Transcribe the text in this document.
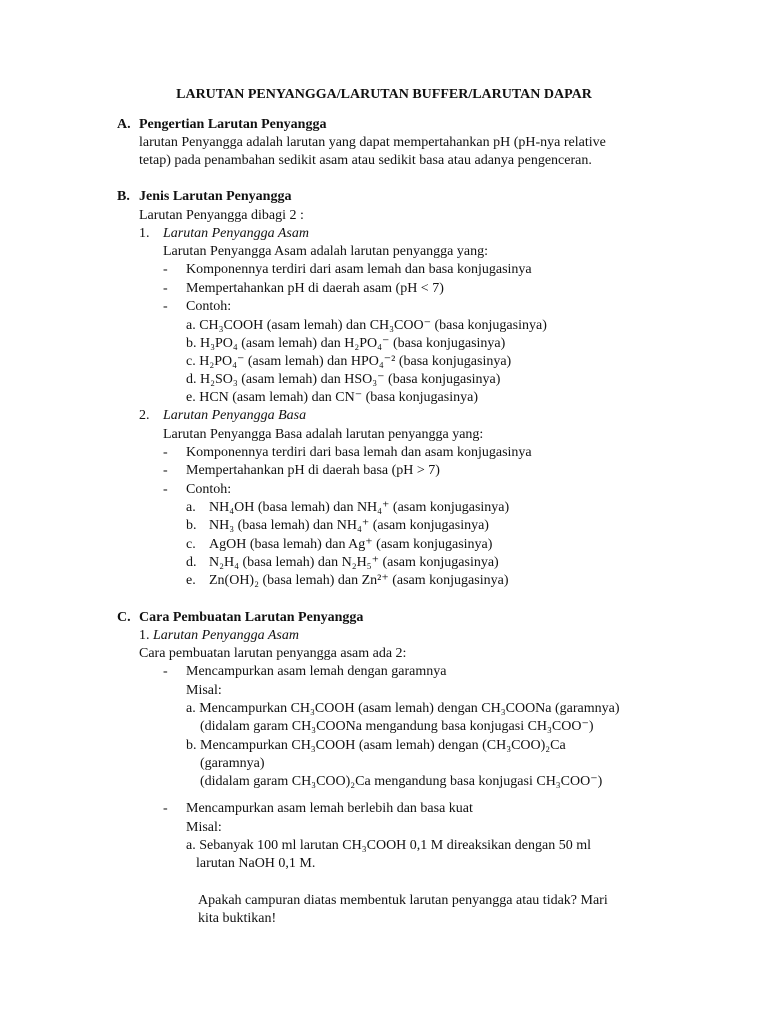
LARUTAN PENYANGGA/LARUTAN BUFFER/LARUTAN DAPAR
A. Pengertian Larutan Penyangga
larutan Penyangga adalah larutan yang dapat mempertahankan pH (pH-nya relative
tetap) pada penambahan sedikit asam atau sedikit basa atau adanya pengenceran.
B. Jenis Larutan Penyangga
Larutan Penyangga dibagi 2 :
1. Larutan Penyangga Asam
Larutan Penyangga Asam adalah larutan penyangga yang:
- Komponennya terdiri dari asam lemah dan basa konjugasinya
- Mempertahankan pH di daerah asam (pH < 7)
- Contoh:
a. CH₃COOH (asam lemah) dan CH₃COO⁻ (basa konjugasinya)
b. H₃PO₄ (asam lemah) dan H₂PO₄⁻ (basa konjugasinya)
c. H₂PO₄⁻ (asam lemah) dan HPO₄⁻² (basa konjugasinya)
d. H₂SO₃ (asam lemah) dan HSO₃⁻ (basa konjugasinya)
e. HCN (asam lemah) dan CN⁻ (basa konjugasinya)
2. Larutan Penyangga Basa
Larutan Penyangga Basa adalah larutan penyangga yang:
- Komponennya terdiri dari basa lemah dan asam konjugasinya
- Mempertahankan pH di daerah basa (pH > 7)
- Contoh:
a. NH₄OH (basa lemah) dan NH₄⁺ (asam konjugasinya)
b. NH₃ (basa lemah) dan NH₄⁺ (asam konjugasinya)
c. AgOH (basa lemah) dan Ag⁺ (asam konjugasinya)
d. N₂H₄ (basa lemah) dan N₂H₅⁺ (asam konjugasinya)
e. Zn(OH)₂ (basa lemah) dan Zn²⁺ (asam konjugasinya)
C. Cara Pembuatan Larutan Penyangga
1. Larutan Penyangga Asam
Cara pembuatan larutan penyangga asam ada 2:
- Mencampurkan asam lemah dengan garamnya
Misal:
a. Mencampurkan CH₃COOH (asam lemah) dengan CH₃COONa (garamnya)
(didalam garam CH₃COONa mengandung basa konjugasi CH₃COO⁻)
b. Mencampurkan CH₃COOH (asam lemah) dengan (CH₃COO)₂Ca
(garamnya)
(didalam garam CH₃COO)₂Ca mengandung basa konjugasi CH₃COO⁻)
- Mencampurkan asam lemah berlebih dan basa kuat
Misal:
a. Sebanyak 100 ml larutan CH₃COOH 0,1 M direaksikan dengan 50 ml
larutan NaOH 0,1 M.
Apakah campuran diatas membentuk larutan penyangga atau tidak? Mari
kita buktikan!
